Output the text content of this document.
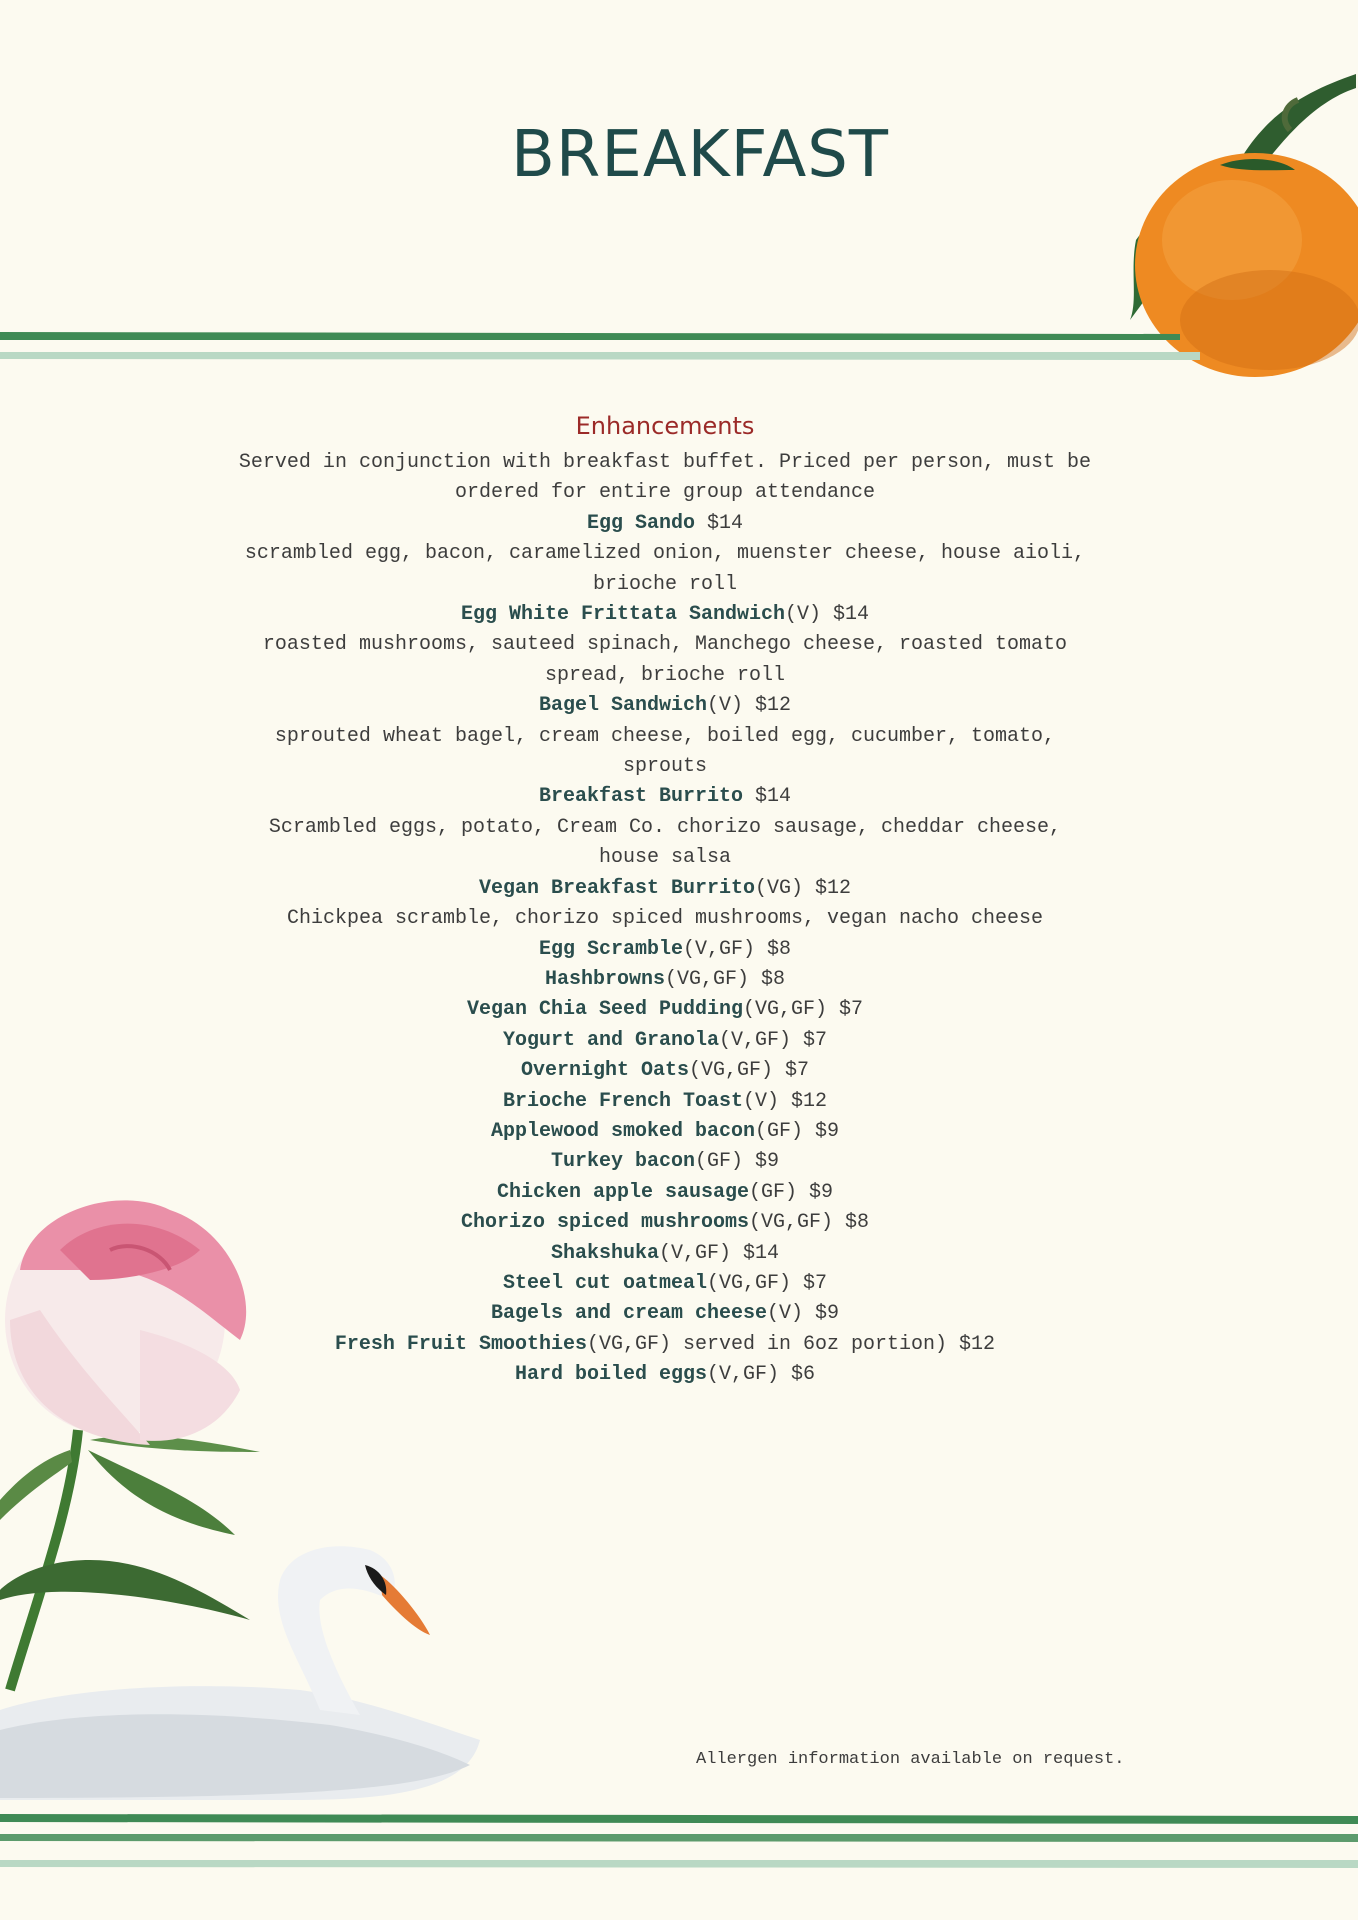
BREAKFAST
Enhancements
Served in conjunction with breakfast buffet. Priced per person, must be
ordered for entire group attendance
Egg Sando $14
scrambled egg, bacon, caramelized onion, muenster cheese, house aioli,
brioche roll
Egg White Frittata Sandwich(V) $14
roasted mushrooms, sauteed spinach, Manchego cheese, roasted tomato
spread, brioche roll
Bagel Sandwich(V) $12
sprouted wheat bagel, cream cheese, boiled egg, cucumber, tomato,
sprouts
Breakfast Burrito $14
Scrambled eggs, potato, Cream Co. chorizo sausage, cheddar cheese,
house salsa
Vegan Breakfast Burrito(VG) $12
Chickpea scramble, chorizo spiced mushrooms, vegan nacho cheese
Egg Scramble(V,GF) $8
Hashbrowns(VG,GF) $8
Vegan Chia Seed Pudding(VG,GF) $7
Yogurt and Granola(V,GF) $7
Overnight Oats(VG,GF) $7
Brioche French Toast(V) $12
Applewood smoked bacon(GF) $9
Turkey bacon(GF) $9
Chicken apple sausage(GF) $9
Chorizo spiced mushrooms(VG,GF) $8
Shakshuka(V,GF) $14
Steel cut oatmeal(VG,GF) $7
Bagels and cream cheese(V) $9
Fresh Fruit Smoothies(VG,GF) served in 6oz portion) $12
Hard boiled eggs(V,GF) $6
Allergen information available on request.
